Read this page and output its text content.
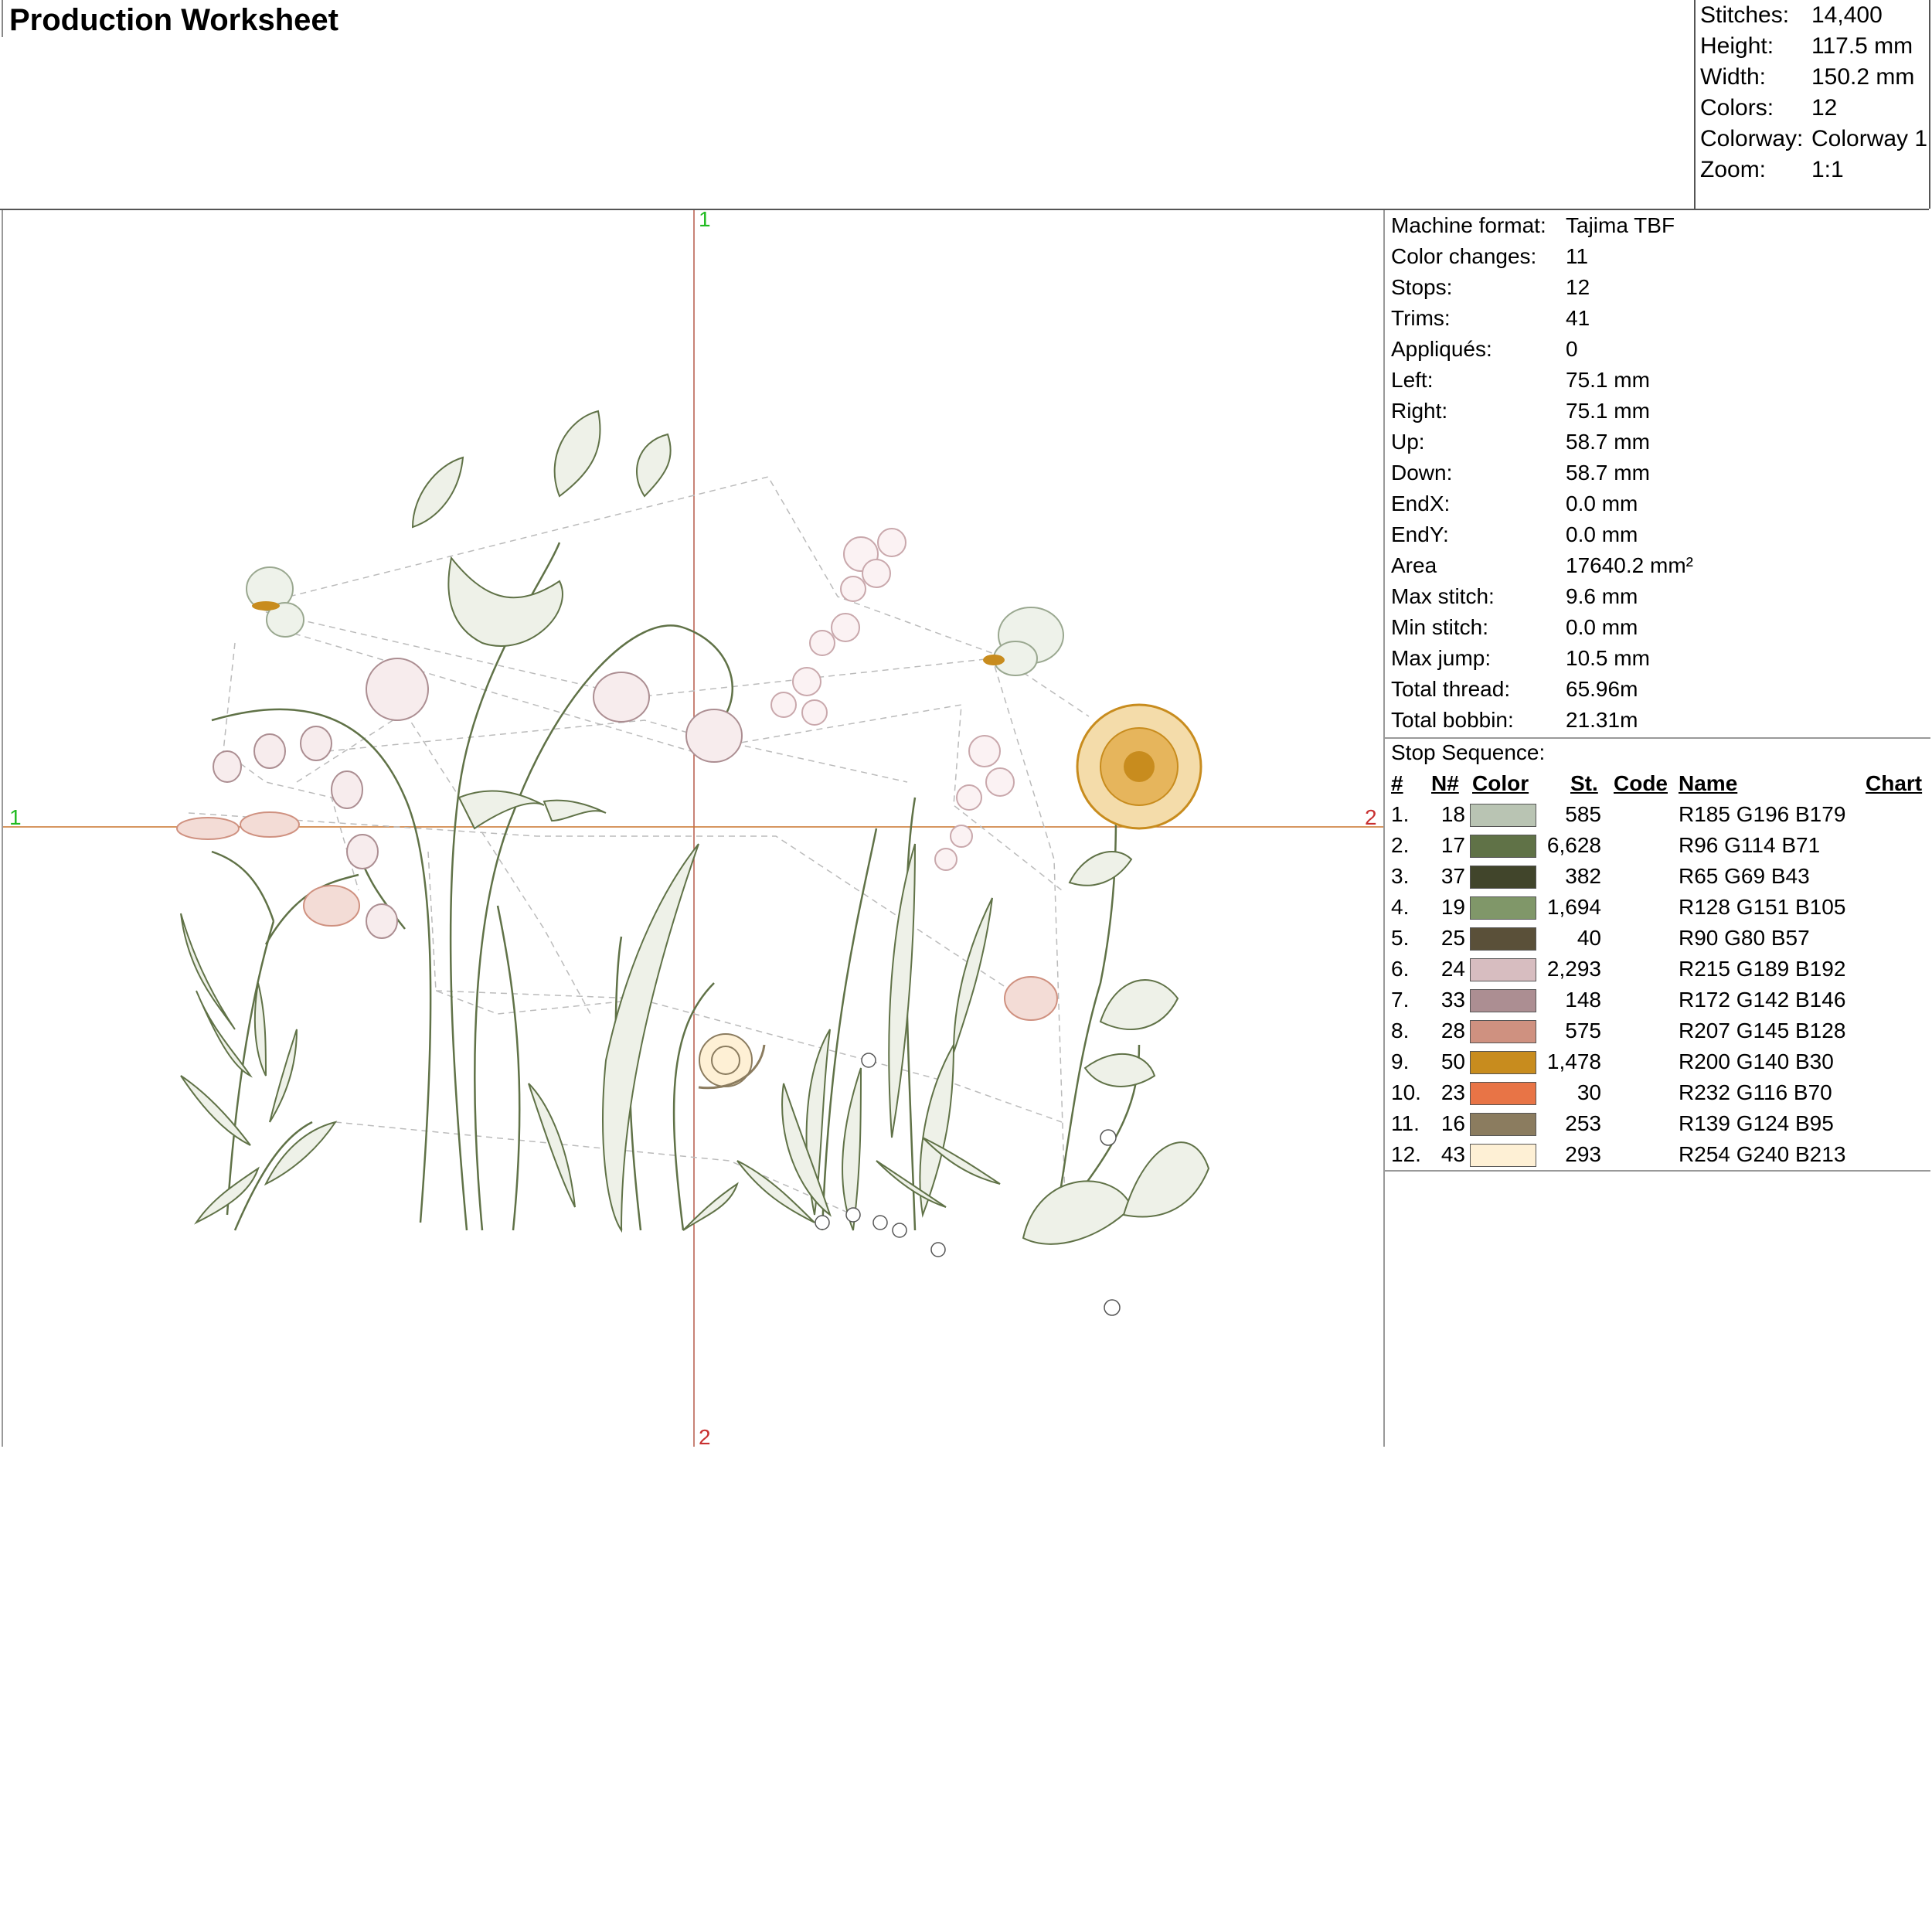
Production Worksheet	Stitches: 14,400
Height: 117.5 mm
Width: 150.2 mm
Colors: 12
Colorway: Colorway 1
Zoom: 1:1
1
2
1	2
Machine format: Tajima TBF
Color changes: 11
Stops:	12
Trims:	41
Appliqués:	0
Left:	75.1 mm
Right:	75.1 mm
Up:	58.7 mm
Down:	58.7 mm
EndX:	0.0 mm
EndY:	0.0 mm
Area	17640.2 mm²
Max stitch:	9.6 mm
Min stitch:	0.0 mm
Max jump:	10.5 mm
Total thread:	65.96m
Total bobbin: 21.31m
Stop Sequence:
# N# Color St. Code Name	Chart
1.	18	585	R185 G196 B179
2.	17	6,628	R96 G114 B71
3.	37	382	R65 G69 B43
4.	19	1,694	R128 G151 B105
5.	25	40	R90 G80 B57
6.	24	2,293	R215 G189 B192
7.	33	148	R172 G142 B146
8.	28	575	R207 G145 B128
9.	50	1,478	R200 G140 B30
10. 23	30	R232 G116 B70
11. 16	253	R139 G124 B95
12. 43	293	R254 G240 B213
